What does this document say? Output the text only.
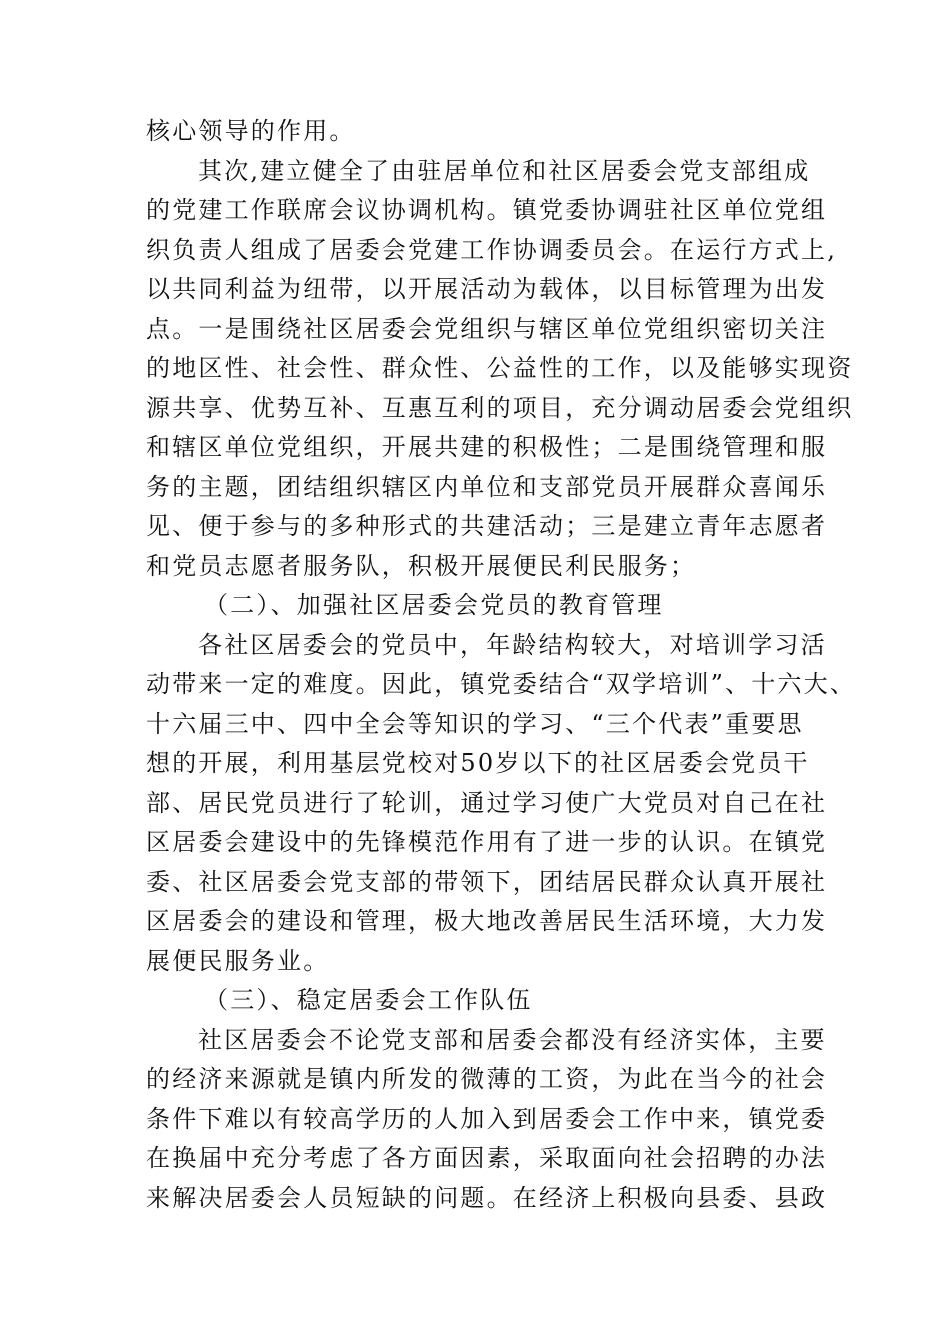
核心领导的作用。
其次,建立健全了由驻居单位和社区居委会党支部组成
的党建工作联席会议协调机构。镇党委协调驻社区单位党组
织负责人组成了居委会党建工作协调委员会。在运行方式上,
以共同利益为纽带，以开展活动为载体，以目标管理为出发
点。一是围绕社区居委会党组织与辖区单位党组织密切关注
的地区性、社会性、群众性、公益性的工作，以及能够实现资
源共享、优势互补、互惠互利的项目，充分调动居委会党组织
和辖区单位党组织，开展共建的积极性；二是围绕管理和服
务的主题，团结组织辖区内单位和支部党员开展群众喜闻乐
见、便于参与的多种形式的共建活动；三是建立青年志愿者
和党员志愿者服务队，积极开展便民利民服务；
（二）、加强社区居委会党员的教育管理
各社区居委会的党员中，年龄结构较大，对培训学习活
动带来一定的难度。因此，镇党委结合“双学培训”、十六大、
十六届三中、四中全会等知识的学习、“三个代表”重要思
想的开展，利用基层党校对50岁以下的社区居委会党员干
部、居民党员进行了轮训，通过学习使广大党员对自己在社
区居委会建设中的先锋模范作用有了进一步的认识。在镇党
委、社区居委会党支部的带领下，团结居民群众认真开展社
区居委会的建设和管理，极大地改善居民生活环境，大力发
展便民服务业。
（三）、稳定居委会工作队伍
社区居委会不论党支部和居委会都没有经济实体，主要
的经济来源就是镇内所发的微薄的工资，为此在当今的社会
条件下难以有较高学历的人加入到居委会工作中来，镇党委
在换届中充分考虑了各方面因素，采取面向社会招聘的办法
来解决居委会人员短缺的问题。在经济上积极向县委、县政
